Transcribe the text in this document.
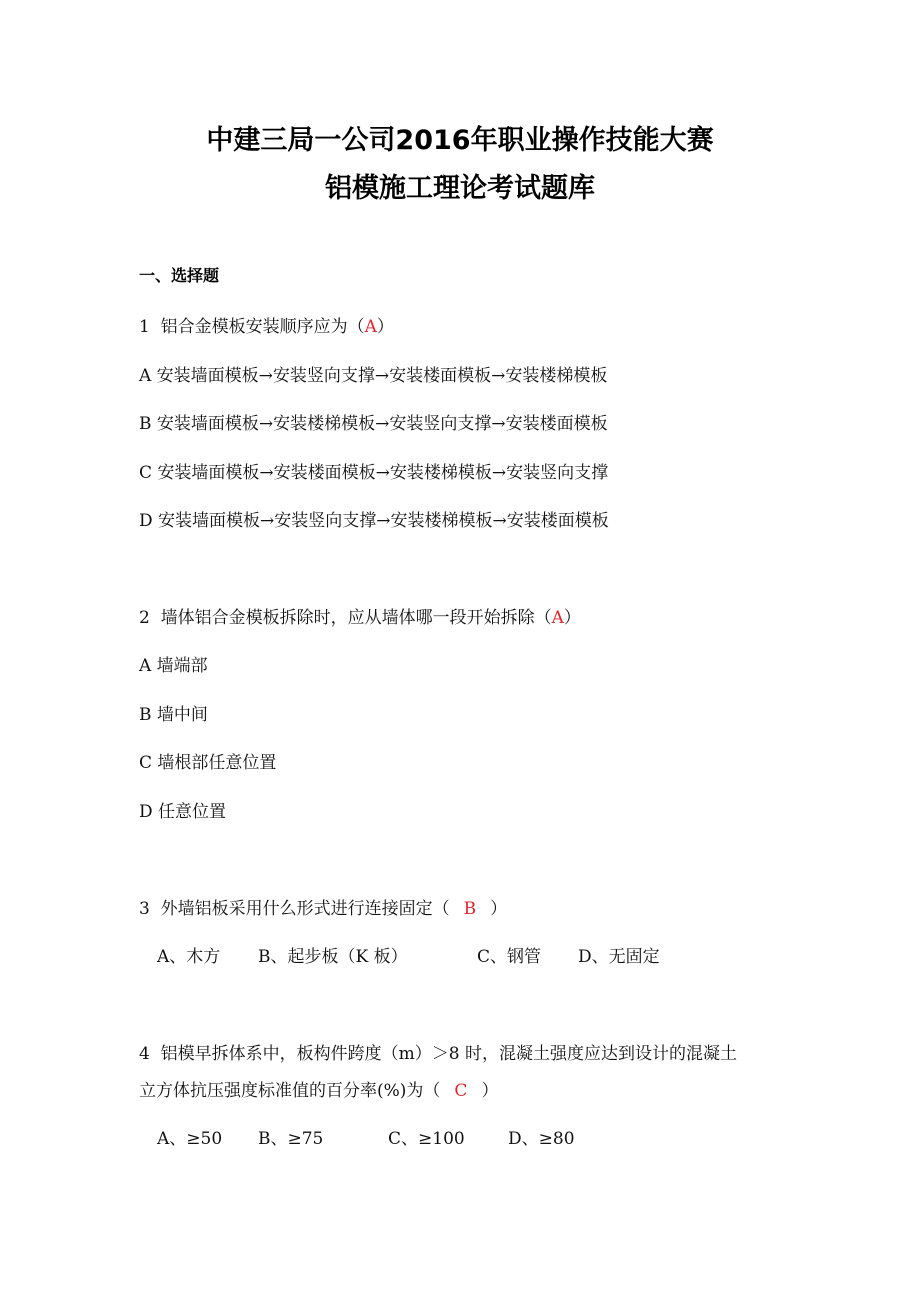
中建三局一公司2016年职业操作技能大赛
铝模施工理论考试题库
一、选择题
1  铝合金模板安装顺序应为（A）
A 安装墙面模板→安装竖向支撑→安装楼面模板→安装楼梯模板
B 安装墙面模板→安装楼梯模板→安装竖向支撑→安装楼面模板
C 安装墙面模板→安装楼面模板→安装楼梯模板→安装竖向支撑
D 安装墙面模板→安装竖向支撑→安装楼梯模板→安装楼面模板
2  墙体铝合金模板拆除时，应从墙体哪一段开始拆除（A）
A 墙端部
B 墙中间
C 墙根部任意位置
D 任意位置
3  外墙铝板采用什么形式进行连接固定（ B ）
A、木方 B、起步板（K 板）	C、钢管 D、无固定
4  铝模早拆体系中，板构件跨度（m）＞8 时，混凝土强度应达到设计的混凝土
立方体抗压强度标准值的百分率(%)为（ C ）
A、≥50 B、≥75	C、≥100	D、≥80
